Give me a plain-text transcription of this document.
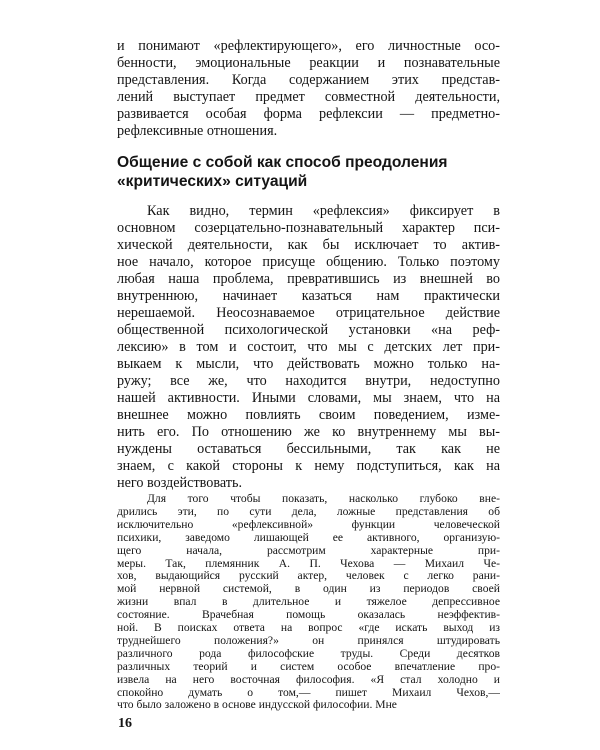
и понимают «рефлектирующего», его личностные осо-
бенности, эмоциональные реакции и познавательные
представления. Когда содержанием этих представ-
лений выступает предмет совместной деятельности,
развивается особая форма рефлексии — предметно-
рефлексивные отношения.
Общение с собой как способ преодоления
«критических» ситуаций
Как видно, термин «рефлексия» фиксирует в
основном созерцательно-познавательный характер пси-
хической деятельности, как бы исключает то актив-
ное начало, которое присуще общению. Только поэтому
любая наша проблема, превратившись из внешней во
внутреннюю, начинает казаться нам практически
нерешаемой. Неосознаваемое отрицательное действие
общественной психологической установки «на реф-
лексию» в том и состоит, что мы с детских лет при-
выкаем к мысли, что действовать можно только на-
ружу; все же, что находится внутри, недоступно
нашей активности. Иными словами, мы знаем, что на
внешнее можно повлиять своим поведением, изме-
нить его. По отношению же ко внутреннему мы вы-
нуждены оставаться бессильными, так как не
знаем, с какой стороны к нему подступиться, как на
него воздействовать.
Для того чтобы показать, насколько глубоко вне-
дрились эти, по сути дела, ложные представления об
исключительно «рефлексивной» функции человеческой
психики, заведомо лишающей ее активного, организую-
щего начала, рассмотрим характерные при-
меры. Так, племянник А. П. Чехова — Михаил Че-
хов, выдающийся русский актер, человек с легко рани-
мой нервной системой, в один из периодов своей
жизни впал в длительное и тяжелое депрессивное
состояние. Врачебная помощь оказалась неэффектив-
ной. В поисках ответа на вопрос «где искать выход из
труднейшего положения?» он принялся штудировать
различного рода философские труды. Среди десятков
различных теорий и систем особое впечатление про-
извела на него восточная философия. «Я стал холодно и
спокойно думать о том,— пишет Михаил Чехов,—
что было заложено в основе индусской философии. Мне
16
